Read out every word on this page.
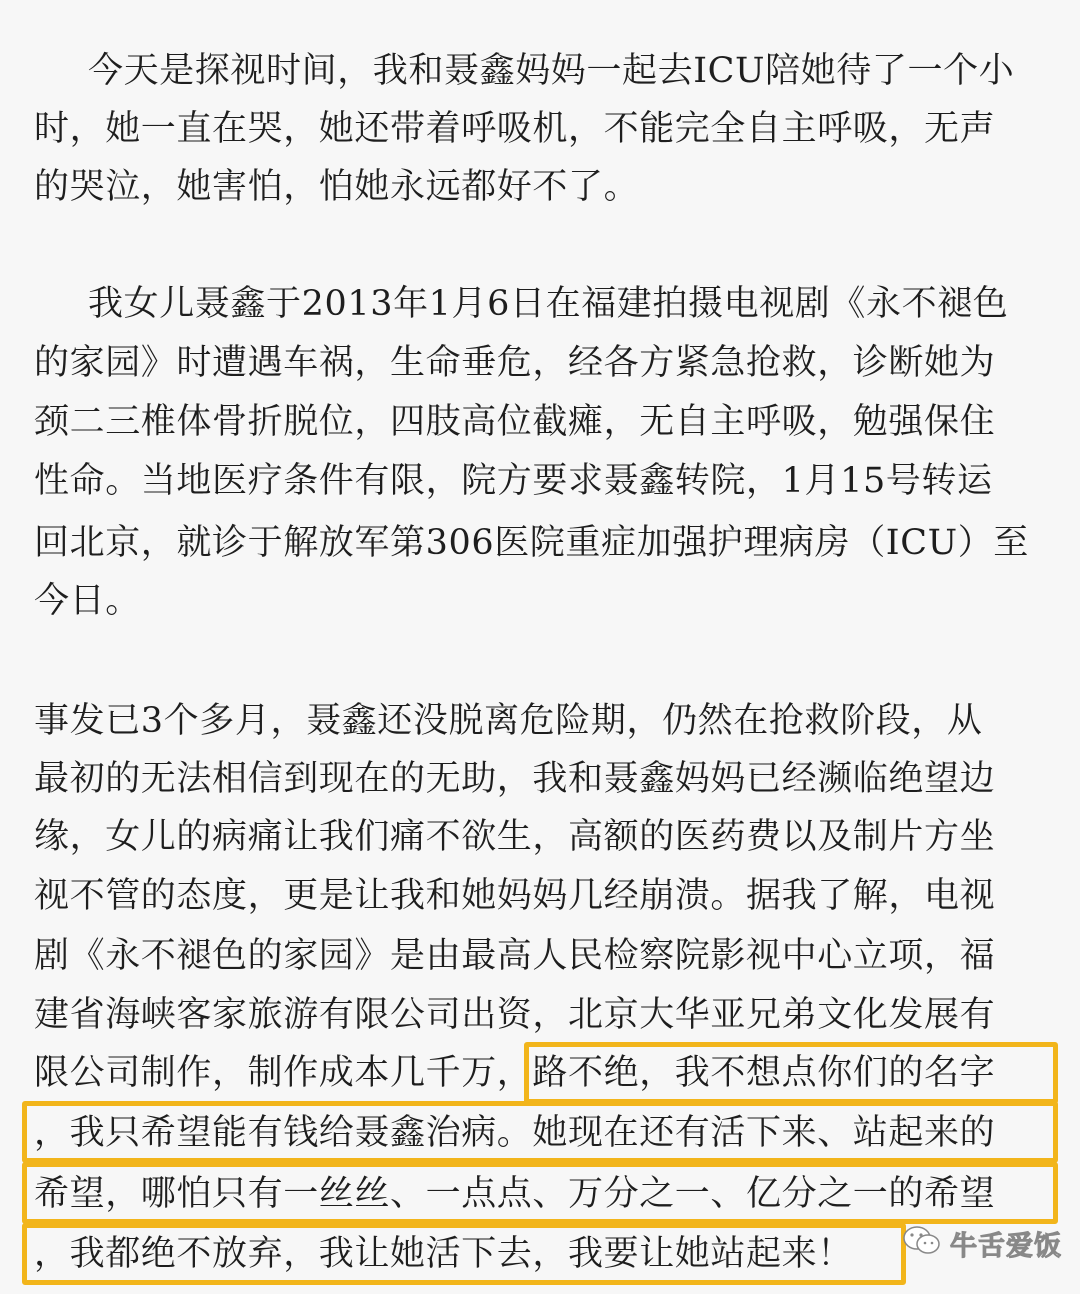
今天是探视时间，我和聂鑫妈妈一起去ICU陪她待了一个小
时，她一直在哭，她还带着呼吸机，不能完全自主呼吸，无声
的哭泣，她害怕，怕她永远都好不了。
我女儿聂鑫于2013年1月6日在福建拍摄电视剧《永不褪色
的家园》时遭遇车祸，生命垂危，经各方紧急抢救，诊断她为
颈二三椎体骨折脱位，四肢高位截瘫，无自主呼吸，勉强保住
性命。当地医疗条件有限，院方要求聂鑫转院，1月15号转运
回北京，就诊于解放军第306医院重症加强护理病房（ICU）至
今日。
事发已3个多月，聂鑫还没脱离危险期，仍然在抢救阶段，从
最初的无法相信到现在的无助，我和聂鑫妈妈已经濒临绝望边
缘，女儿的病痛让我们痛不欲生，高额的医药费以及制片方坐
视不管的态度，更是让我和她妈妈几经崩溃。据我了解，电视
剧《永不褪色的家园》是由最高人民检察院影视中心立项，福
建省海峡客家旅游有限公司出资，北京大华亚兄弟文化发展有
限公司制作，制作成本几千万，路不绝，我不想点你们的名字
，我只希望能有钱给聂鑫治病。她现在还有活下来、站起来的
希望，哪怕只有一丝丝、一点点、万分之一、亿分之一的希望
，我都绝不放弃，我让她活下去，我要让她站起来！	牛舌爱饭
